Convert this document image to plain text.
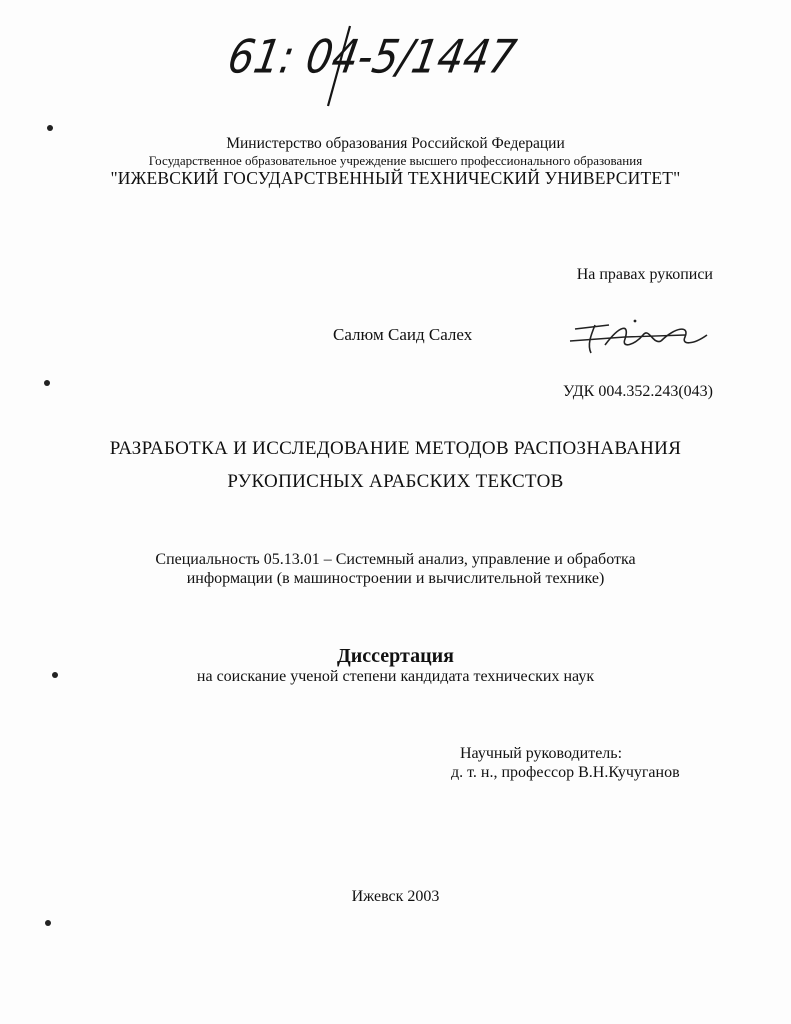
61: 04-5/1447
Министерство образования Российской Федерации
Государственное образовательное учреждение высшего профессионального образования
"ИЖЕВСКИЙ ГОСУДАРСТВЕННЫЙ ТЕХНИЧЕСКИЙ УНИВЕРСИТЕТ"
На правах рукописи
Салюм Саид Салех
УДК 004.352.243(043)
РАЗРАБОТКА И ИССЛЕДОВАНИЕ МЕТОДОВ РАСПОЗНАВАНИЯ
РУКОПИСНЫХ АРАБСКИХ ТЕКСТОВ
Специальность 05.13.01 – Системный анализ, управление и обработка
информации (в машиностроении и вычислительной технике)
Диссертация
на соискание ученой степени кандидата технических наук
Научный руководитель:
д. т. н., профессор В.Н.Кучуганов
Ижевск 2003
